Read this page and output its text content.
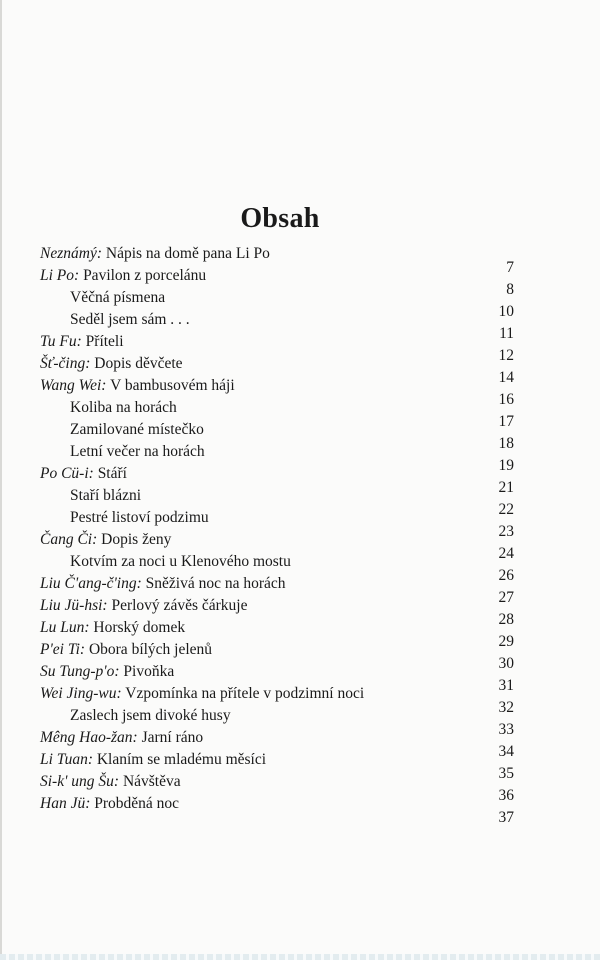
Obsah
Neznámý: Nápis na domě pana Li Po
7
Li Po: Pavilon z porcelánu
8
Věčná písmena
10
Seděl jsem sám . . .
11
Tu Fu: Příteli
12
Šť-čing: Dopis děvčete
14
Wang Wei: V bambusovém háji
16
Koliba na horách
17
Zamilované místečko
18
Letní večer na horách
19
Po Cü-i: Stáří
21
Staří blázni
22
Pestré listoví podzimu
23
Čang Či: Dopis ženy
24
Kotvím za noci u Klenového mostu
26
Liu Č'ang-č'ing: Sněživá noc na horách
27
Liu Jü-hsi: Perlový závěs čárkuje
28
Lu Lun: Horský domek
29
P'ei Ti: Obora bílých jelenů
30
Su Tung-p'o: Pivoňka
31
Wei Jing-wu: Vzpomínka na přítele v podzimní noci
32
Zaslech jsem divoké husy
33
Mêng Hao-žan: Jarní ráno
34
Li Tuan: Klaním se mladému měsíci
35
Si-k' ung Šu: Návštěva
36
Han Jü: Probděná noc
37
